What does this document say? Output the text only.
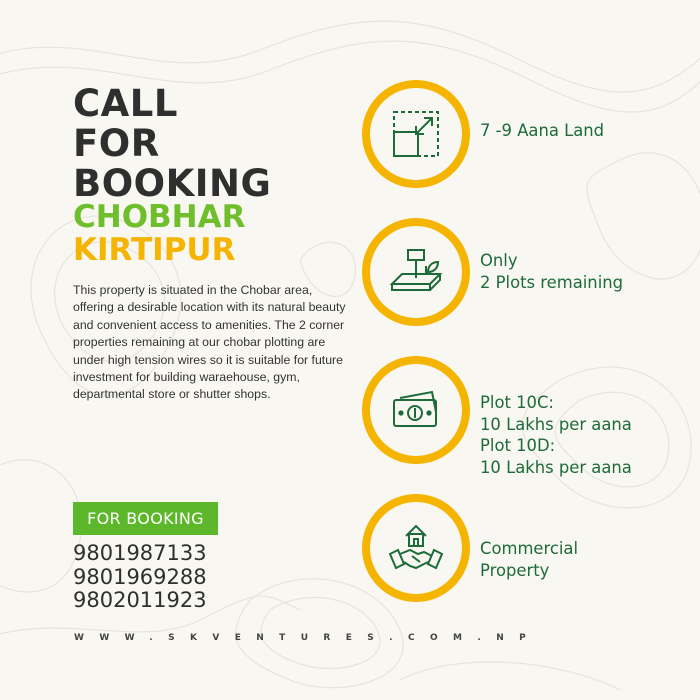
CALL
FOR
BOOKING
CHOBHAR
KIRTIPUR
This property is situated in the Chobar area, offering a desirable location with its natural beauty and convenient access to amenities. The 2 corner properties remaining at our chobar plotting are under high tension wires so it is suitable for future investment for building waraehouse, gym, departmental store or shutter shops.
FOR BOOKING
9801987133
9801969288
9802011923
WWW.SKVENTURES.COM.NP
7 -9 Aana Land
Only
2 Plots remaining
Plot 10C:
10 Lakhs per aana
Plot 10D:
10 Lakhs per aana
Commercial
Property
